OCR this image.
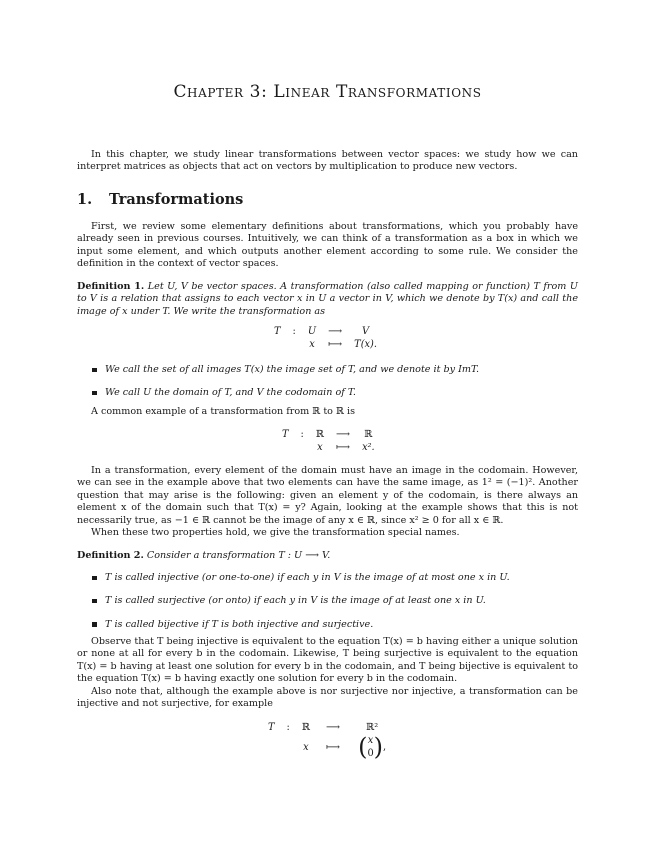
Chapter 3: Linear Transformations
In this chapter, we study linear transformations between vector spaces: we study how we can interpret matrices as objects that act on vectors by multiplication to produce new vectors.
1. Transformations
First, we review some elementary definitions about transformations, which you probably have already seen in previous courses. Intuitively, we can think of a transformation as a box in which we input some element, and which outputs another element according to some rule. We consider the definition in the context of vector spaces.
Definition 1. Let U, V be vector spaces. A transformation (also called mapping or function) T from U to V is a relation that assigns to each vector x in U a vector in V, which we denote by T(x) and call the image of x under T. We write the transformation as
T	:	U	⟶	V
		x	⟼	T(x).
We call the set of all images T(x) the image set of T, and we denote it by ImT.
We call U the domain of T, and V the codomain of T.
A common example of a transformation from ℝ to ℝ is
T	:	ℝ	⟶	ℝ
		x	⟼	x².
In a transformation, every element of the domain must have an image in the codomain. However, we can see in the example above that two elements can have the same image, as 1² = (−1)². Another question that may arise is the following: given an element y of the codomain, is there always an element x of the domain such that T(x) = y? Again, looking at the example shows that this is not necessarily true, as −1 ∈ ℝ cannot be the image of any x ∈ ℝ, since x² ≥ 0 for all x ∈ ℝ.
When these two properties hold, we give the transformation special names.
Definition 2. Consider a transformation T : U ⟶ V.
T is called injective (or one-to-one) if each y in V is the image of at most one x in U.
T is called surjective (or onto) if each y in V is the image of at least one x in U.
T is called bijective if T is both injective and surjective.
Observe that T being injective is equivalent to the equation T(x) = b having either a unique solution or none at all for every b in the codomain. Likewise, T being surjective is equivalent to the equation T(x) = b having at least one solution for every b in the codomain, and T being bijective is equivalent to the equation T(x) = b having exactly one solution for every b in the codomain.
Also note that, although the example above is nor surjective nor injective, a transformation can be injective and not surjective, for example
T	:	ℝ	⟶	ℝ²
		x	⟼	(x
0),
